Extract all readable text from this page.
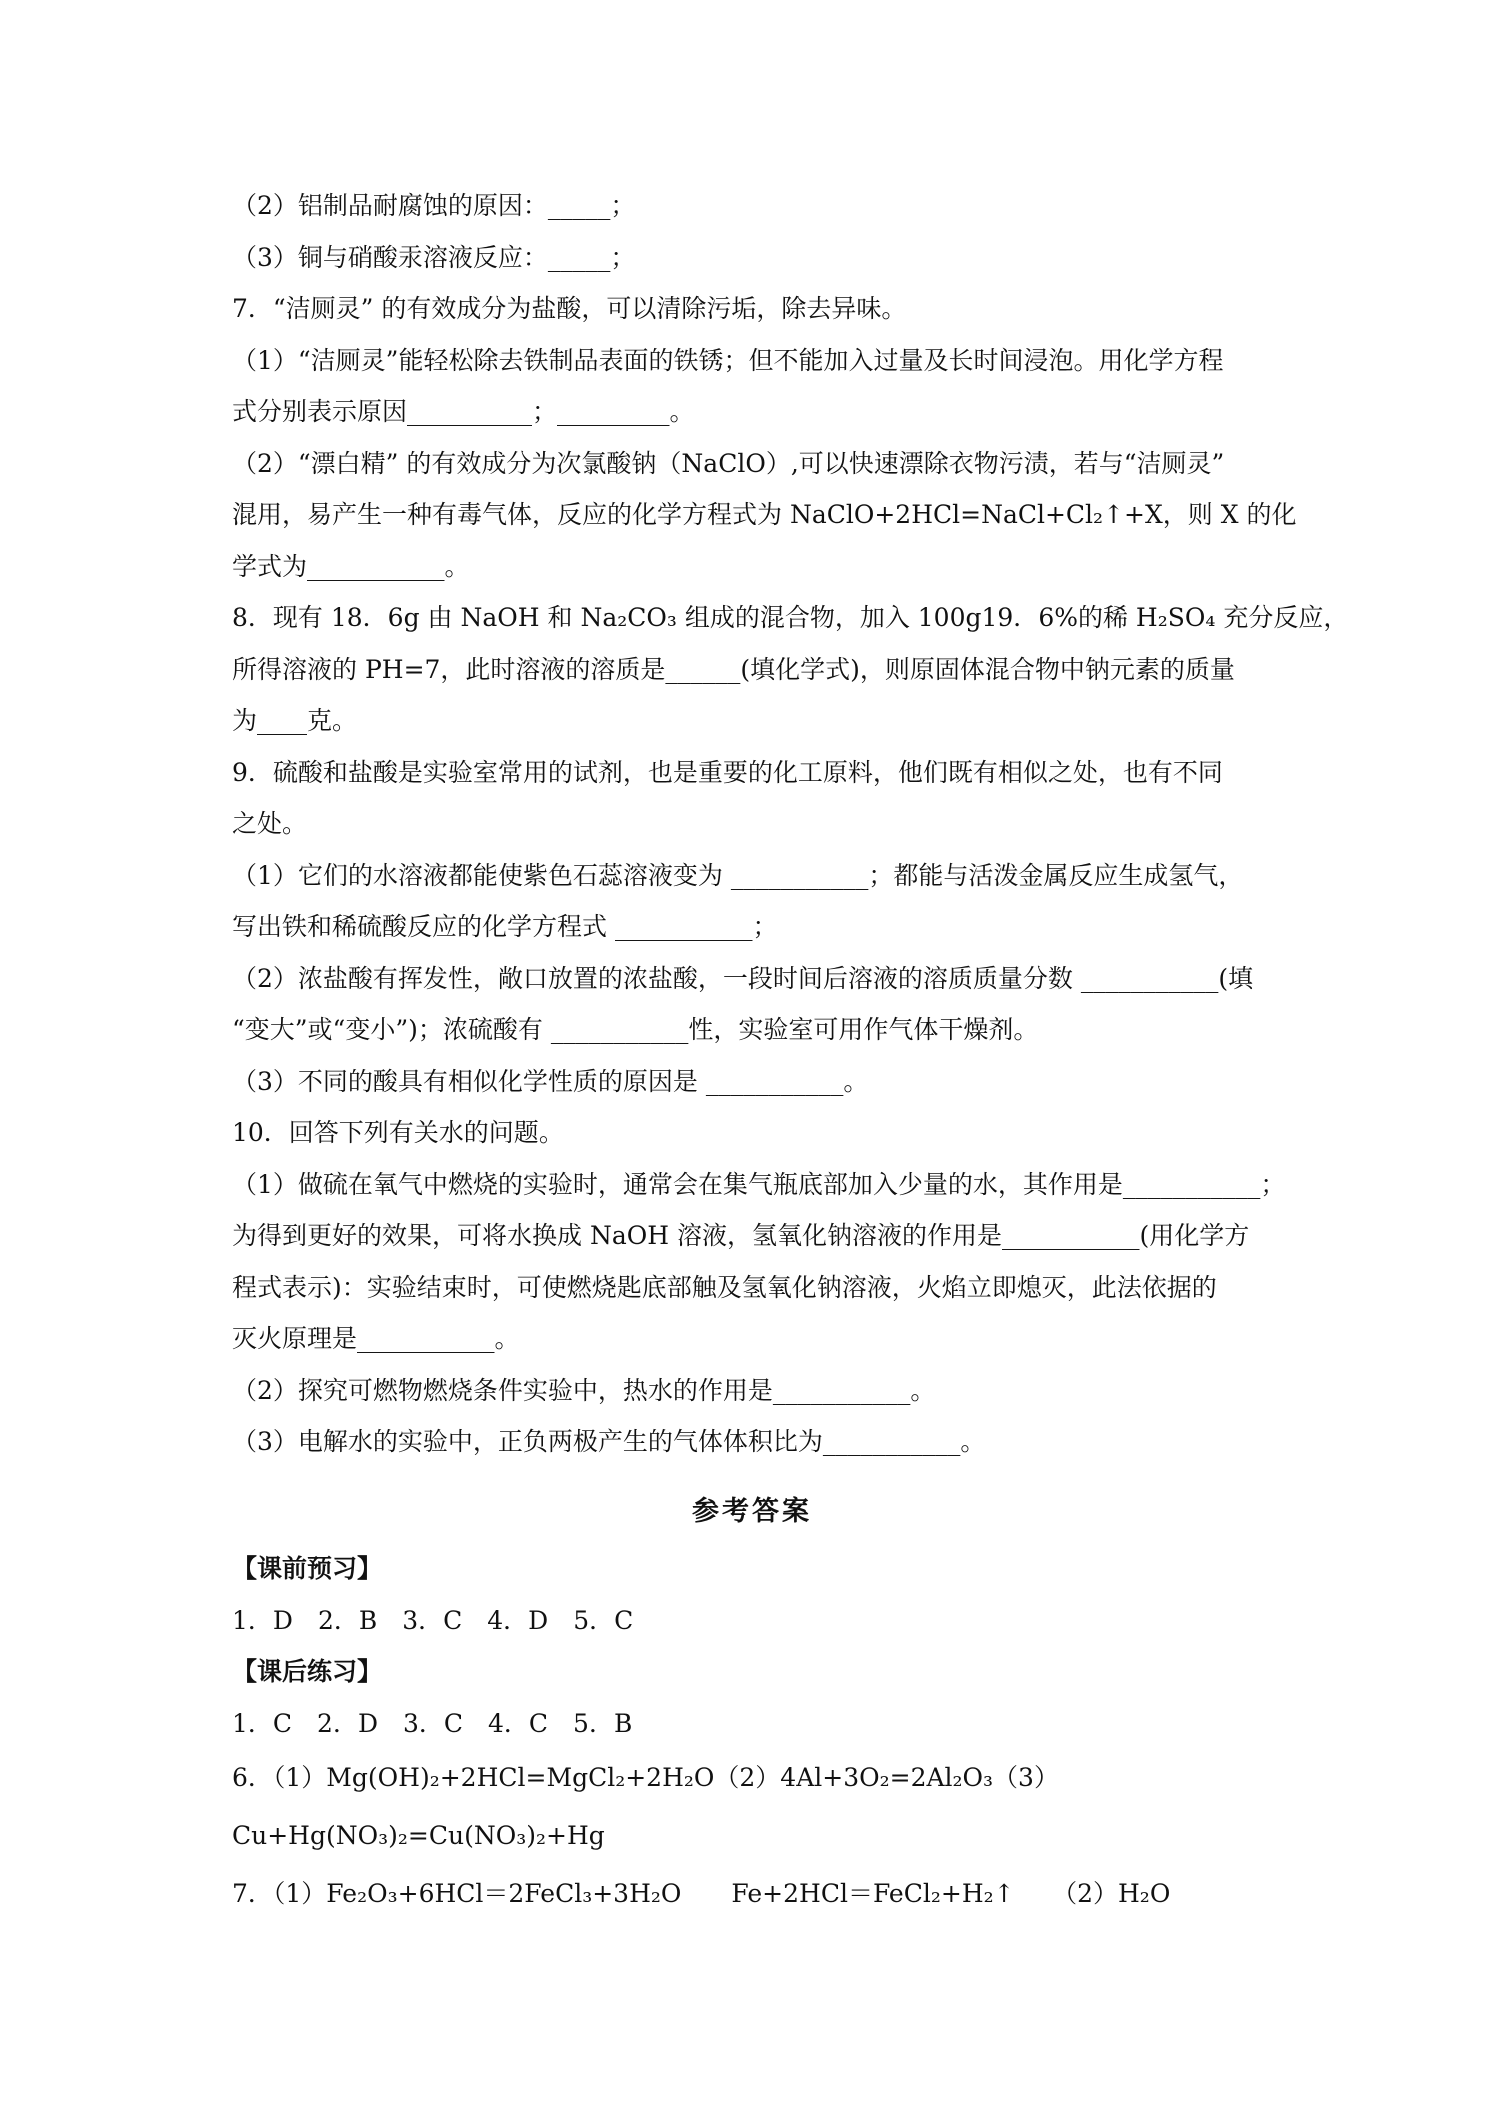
（2）铝制品耐腐蚀的原因：_____；
（3）铜与硝酸汞溶液反应：_____；
7．“洁厕灵” 的有效成分为盐酸，可以清除污垢，除去异味。
（1）“洁厕灵”能轻松除去铁制品表面的铁锈；但不能加入过量及长时间浸泡。用化学方程
式分别表示原因__________；_________。
（2）“漂白精” 的有效成分为次氯酸钠（NaClO）,可以快速漂除衣物污渍，若与“洁厕灵”
混用，易产生一种有毒气体，反应的化学方程式为 NaClO+2HCl=NaCl+Cl₂↑+X，则 X 的化
学式为___________。
8．现有 18．6g 由 NaOH 和 Na₂CO₃ 组成的混合物，加入 100g19．6%的稀 H₂SO₄ 充分反应，
所得溶液的 PH=7，此时溶液的溶质是______(填化学式)，则原固体混合物中钠元素的质量
为____克。
9．硫酸和盐酸是实验室常用的试剂，也是重要的化工原料，他们既有相似之处，也有不同
之处。
（1）它们的水溶液都能使紫色石蕊溶液变为 ___________；都能与活泼金属反应生成氢气，
写出铁和稀硫酸反应的化学方程式 ___________；
（2）浓盐酸有挥发性，敞口放置的浓盐酸，一段时间后溶液的溶质质量分数 ___________(填
“变大”或“变小”)；浓硫酸有 ___________性，实验室可用作气体干燥剂。
（3）不同的酸具有相似化学性质的原因是 ___________。
10．回答下列有关水的问题。
（1）做硫在氧气中燃烧的实验时，通常会在集气瓶底部加入少量的水，其作用是___________；
为得到更好的效果，可将水换成 NaOH 溶液，氢氧化钠溶液的作用是___________(用化学方
程式表示)：实验结束时，可使燃烧匙底部触及氢氧化钠溶液，火焰立即熄灭，此法依据的
灭火原理是___________。
（2）探究可燃物燃烧条件实验中，热水的作用是___________。
（3）电解水的实验中，正负两极产生的气体体积比为___________。
参考答案
【课前预习】
1．D　2．B　3．C　4．D　5．C
【课后练习】
1．C　2．D　3．C　4．C　5．B
6．（1）Mg(OH)₂+2HCl=MgCl₂+2H₂O（2）4Al+3O₂=2Al₂O₃（3）
Cu+Hg(NO₃)₂=Cu(NO₃)₂+Hg
7．（1）Fe₂O₃+6HCl＝2FeCl₃+3H₂O　　Fe+2HCl＝FeCl₂+H₂↑　　（2）H₂O
